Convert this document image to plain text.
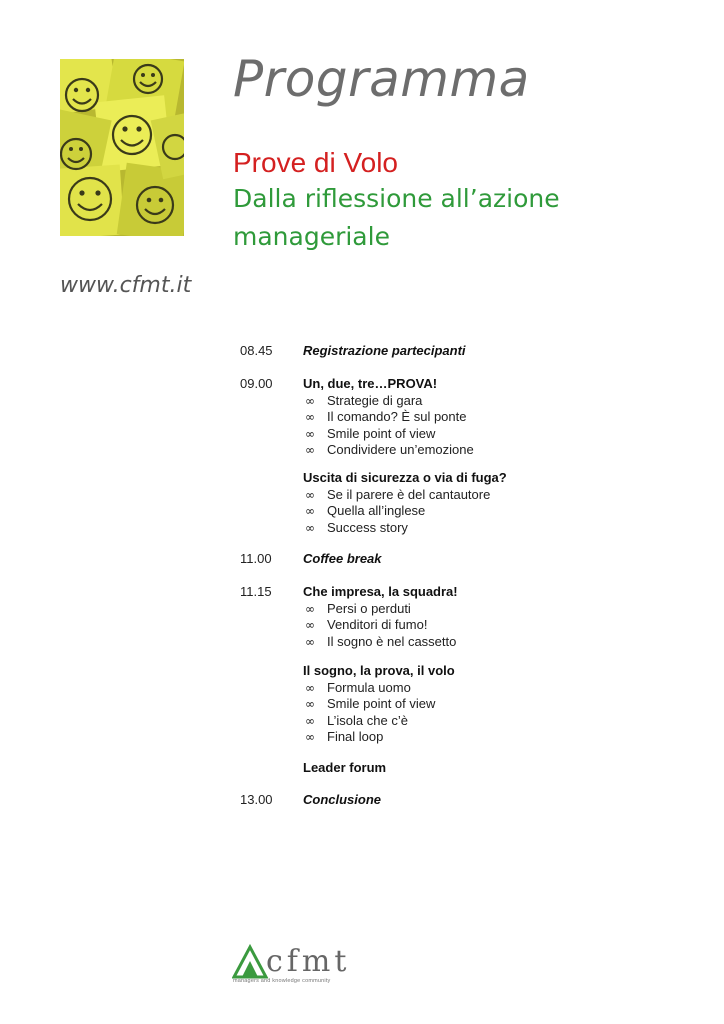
Programma
Prove di Volo
Dalla riflessione all’azione manageriale
www.cfmt.it
08.45 Registrazione partecipanti
09.00 Un, due, tre…PROVA!
∞ Strategie di gara
∞ Il comando? È sul ponte
∞ Smile point of view
∞ Condividere un’emozione
Uscita di sicurezza o via di fuga?
∞ Se il parere è del cantautore
∞ Quella all’inglese
∞ Success story
11.00 Coffee break
11.15 Che impresa, la squadra!
∞ Persi o perduti
∞ Venditori di fumo!
∞ Il sogno è nel cassetto
Il sogno, la prova, il volo
∞ Formula uomo
∞ Smile point of view
∞ L’isola che c’è
∞ Final loop
Leader forum
13.00 Conclusione
cfmt
managers and knowledge community
